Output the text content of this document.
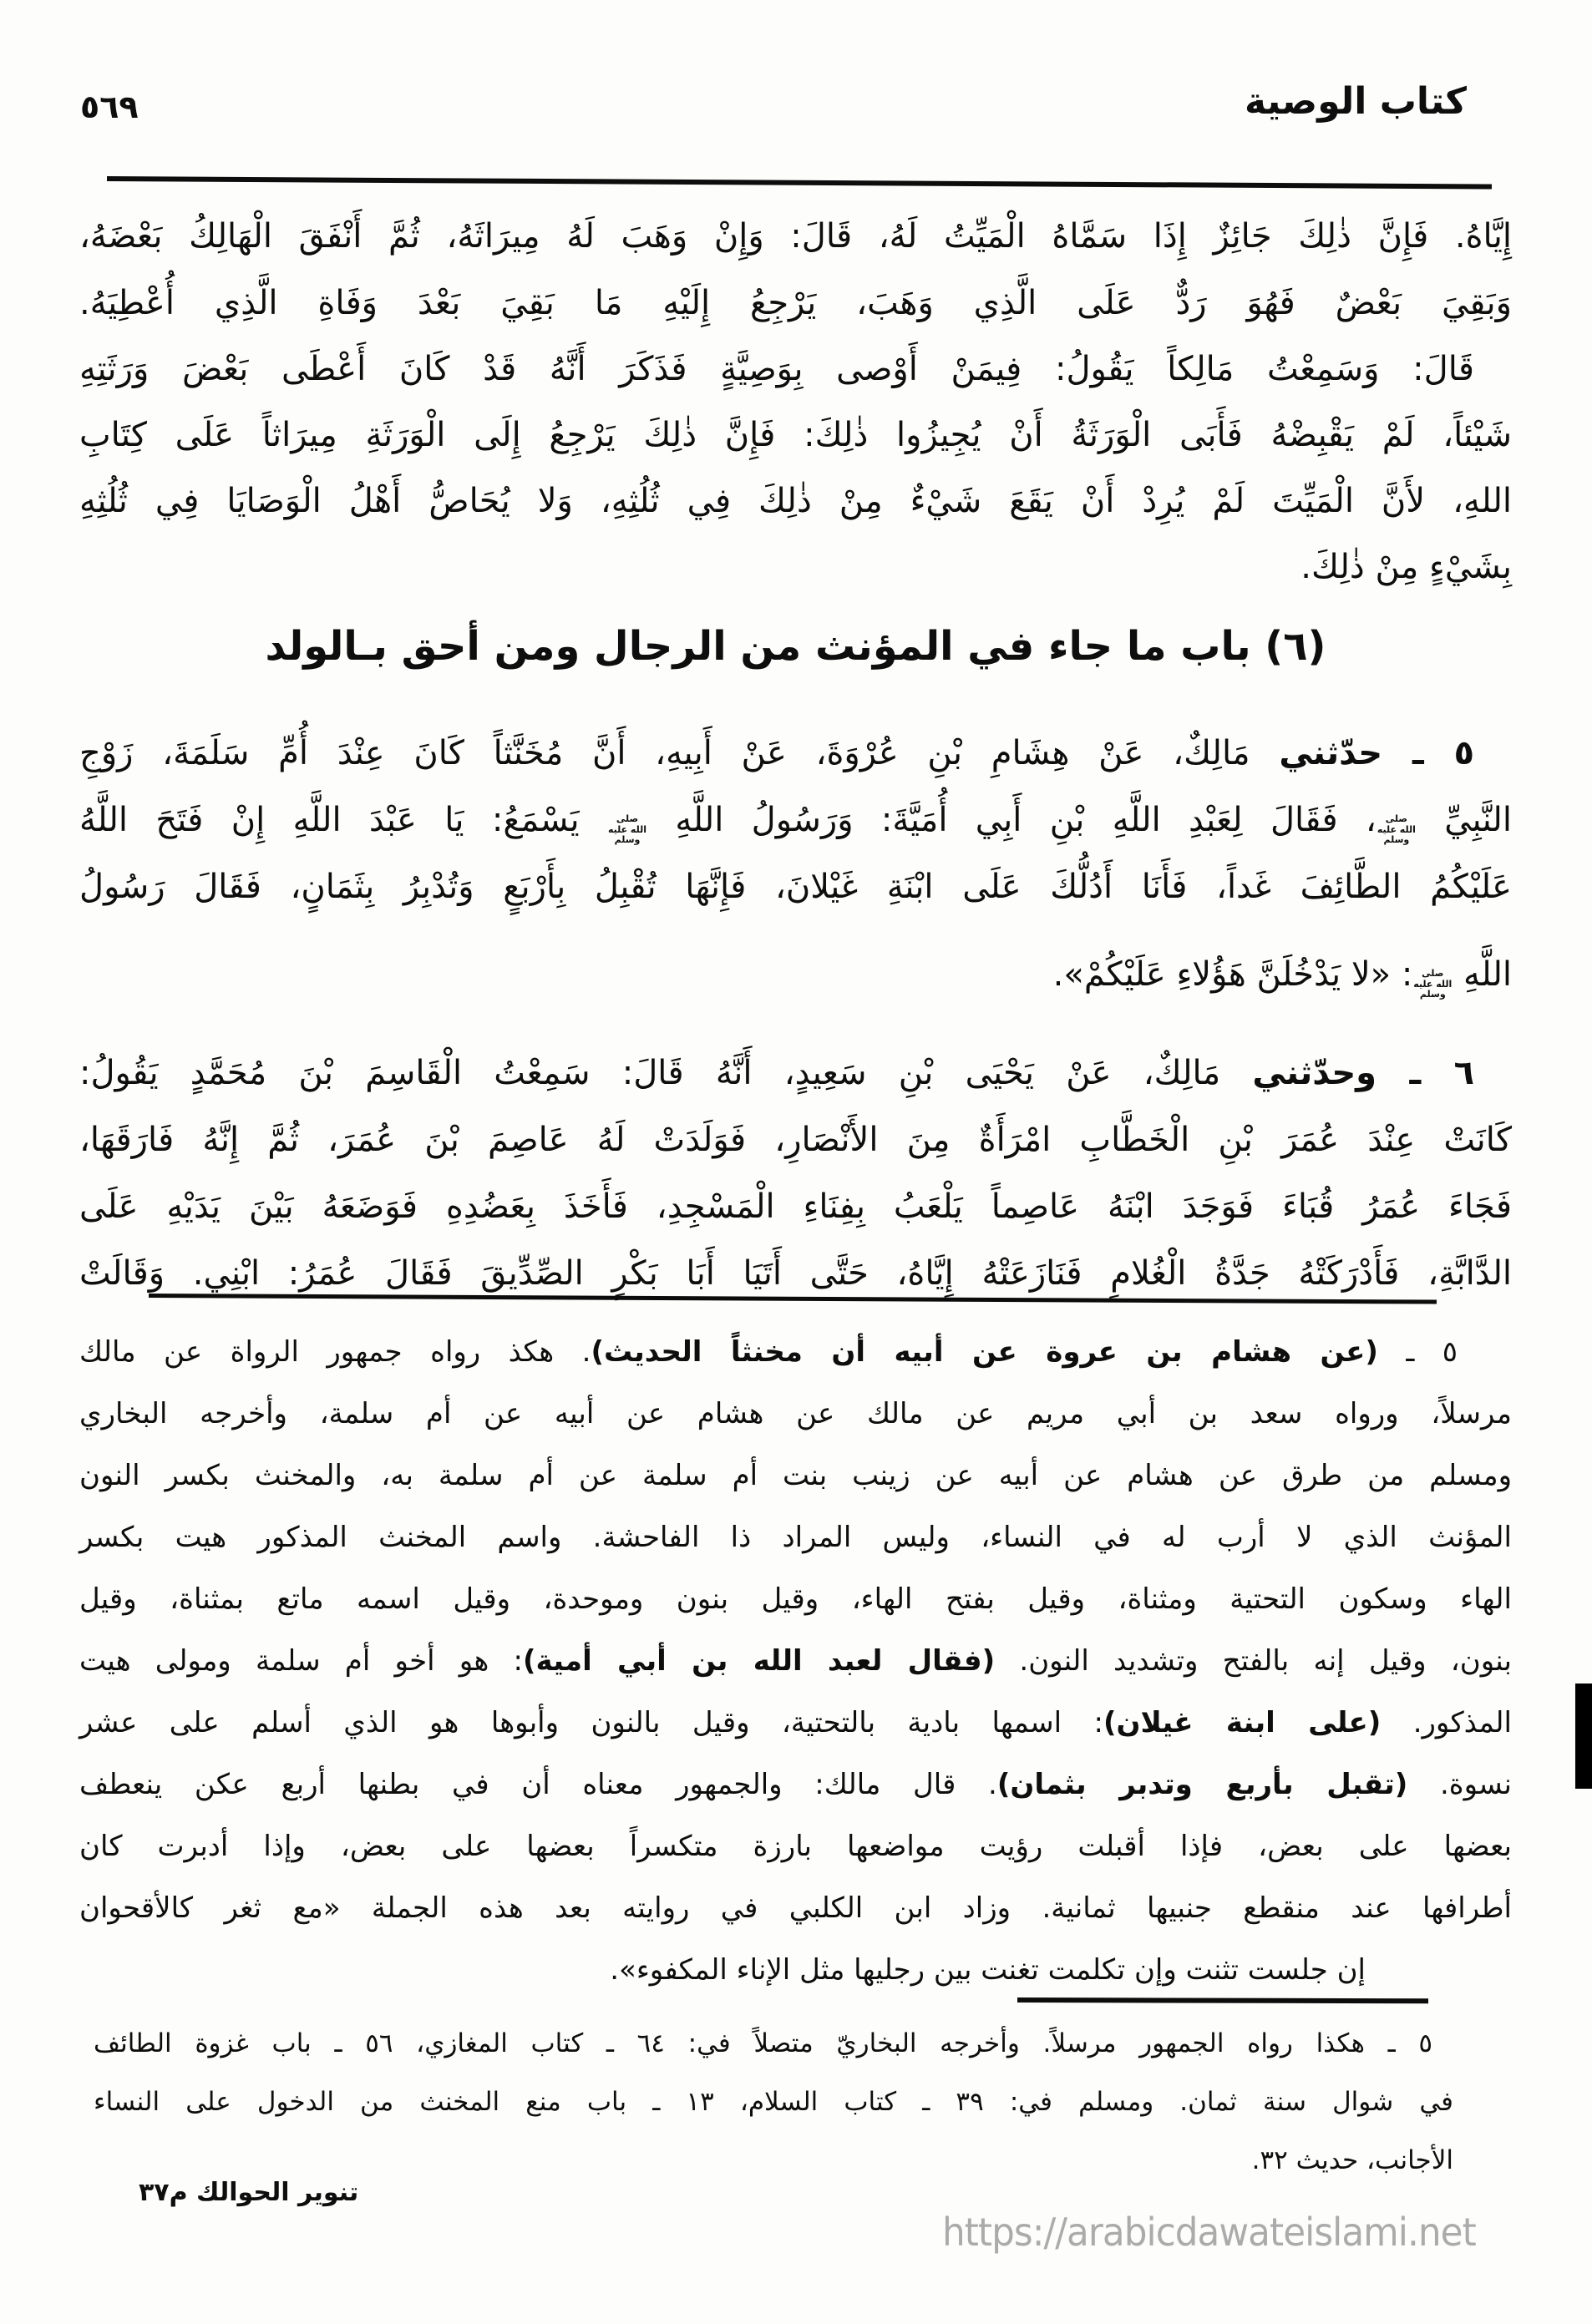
٥٦٩	كتاب الوصية
إِيَّاهُ. فَإِنَّ ذٰلِكَ جَائِزٌ إِذَا سَمَّاهُ الْمَيِّتُ لَهُ، قَالَ: وَإِنْ وَهَبَ لَهُ مِيرَاثَهُ، ثُمَّ أَنْفَقَ الْهَالِكُ بَعْضَهُ،
وَبَقِيَ بَعْضٌ فَهُوَ رَدٌّ عَلَى الَّذِي وَهَبَ، يَرْجِعُ إِلَيْهِ مَا بَقِيَ بَعْدَ وَفَاةِ الَّذِي أُعْطِيَهُ.
قَالَ: وَسَمِعْتُ مَالِكاً يَقُولُ: فِيمَنْ أَوْصى بِوَصِيَّةٍ فَذَكَرَ أَنَّهُ قَدْ كَانَ أَعْطَى بَعْضَ وَرَثَتِهِ
شَيْئاً، لَمْ يَقْبِضْهُ فَأَبَى الْوَرَثَةُ أَنْ يُجِيزُوا ذٰلِكَ: فَإِنَّ ذٰلِكَ يَرْجِعُ إِلَى الْوَرَثَةِ مِيرَاثاً عَلَى كِتَابِ
اللهِ، لأَنَّ الْمَيِّتَ لَمْ يُرِدْ أَنْ يَقَعَ شَيْءٌ مِنْ ذٰلِكَ فِي ثُلُثِهِ، وَلا يُحَاصُّ أَهْلُ الْوَصَايَا فِي ثُلُثِهِ
بِشَيْءٍ مِنْ ذٰلِكَ.
(٦) باب ما جاء في المؤنث من الرجال ومن أحق بـالولد
٥ ـ حدّثني مَالِكٌ، عَنْ هِشَامِ بْنِ عُرْوَةَ، عَنْ أَبِيهِ، أَنَّ مُخَنَّثاً كَانَ عِنْدَ أُمِّ سَلَمَةَ، زَوْجِ
النَّبِيِّ صلى الله عليه وسلم، فَقَالَ لِعَبْدِ اللَّهِ بْنِ أَبِي أُمَيَّةَ: وَرَسُولُ اللَّهِ صلى الله عليه وسلم يَسْمَعُ: يَا عَبْدَ اللَّهِ إِنْ فَتَحَ اللَّهُ
عَلَيْكُمُ الطَّائِفَ غَداً، فَأَنَا أَدُلُّكَ عَلَى ابْنَةِ غَيْلانَ، فَإِنَّهَا تُقْبِلُ بِأَرْبَعٍ وَتُدْبِرُ بِثَمَانٍ، فَقَالَ رَسُولُ
اللَّهِ صلى الله عليه وسلم: «لا يَدْخُلَنَّ هَؤُلاءِ عَلَيْكُمْ».
٦ ـ وحدّثني مَالِكٌ، عَنْ يَحْيَى بْنِ سَعِيدٍ، أَنَّهُ قَالَ: سَمِعْتُ الْقَاسِمَ بْنَ مُحَمَّدٍ يَقُولُ:
كَانَتْ عِنْدَ عُمَرَ بْنِ الْخَطَّابِ امْرَأَةٌ مِنَ الأَنْصَارِ، فَوَلَدَتْ لَهُ عَاصِمَ بْنَ عُمَرَ، ثُمَّ إِنَّهُ فَارَقَهَا،
فَجَاءَ عُمَرُ قُبَاءَ فَوَجَدَ ابْنَهُ عَاصِماً يَلْعَبُ بِفِنَاءِ الْمَسْجِدِ، فَأَخَذَ بِعَضُدِهِ فَوَضَعَهُ بَيْنَ يَدَيْهِ عَلَى
الدَّابَّةِ، فَأَدْرَكَتْهُ جَدَّةُ الْغُلامِ فَنَازَعَتْهُ إِيَّاهُ، حَتَّى أَتَيَا أَبَا بَكْرٍ الصِّدِّيقَ فَقَالَ عُمَرُ: ابْنِي. وَقَالَتْ
٥ ـ (عن هشام بن عروة عن أبيه أن مخنثاً الحديث). هكذ رواه جمهور الرواة عن مالك
مرسلاً، ورواه سعد بن أبي مريم عن مالك عن هشام عن أبيه عن أم سلمة، وأخرجه البخاري
ومسلم من طرق عن هشام عن أبيه عن زينب بنت أم سلمة عن أم سلمة به، والمخنث بكسر النون
المؤنث الذي لا أرب له في النساء، وليس المراد ذا الفاحشة. واسم المخنث المذكور هيت بكسر
الهاء وسكون التحتية ومثناة، وقيل بفتح الهاء، وقيل بنون وموحدة، وقيل اسمه ماتع بمثناة، وقيل
بنون، وقيل إنه بالفتح وتشديد النون. (فقال لعبد الله بن أبي أمية): هو أخو أم سلمة ومولى هيت
المذكور. (على ابنة غيلان): اسمها بادية بالتحتية، وقيل بالنون وأبوها هو الذي أسلم على عشر
نسوة. (تقبل بأربع وتدبر بثمان). قال مالك: والجمهور معناه أن في بطنها أربع عكن ينعطف
بعضها على بعض، فإذا أقبلت رؤيت مواضعها بارزة متكسراً بعضها على بعض، وإذا أدبرت كان
أطرافها عند منقطع جنبيها ثمانية. وزاد ابن الكلبي في روايته بعد هذه الجملة «مع ثغر كالأقحوان
إن جلست تثنت وإن تكلمت تغنت بين رجليها مثل الإناء المكفوء».
٥ ـ هكذا رواه الجمهور مرسلاً. وأخرجه البخاريّ متصلاً في: ٦٤ ـ كتاب المغازي، ٥٦ ـ باب غزوة الطائف
في شوال سنة ثمان. ومسلم في: ٣٩ ـ كتاب السلام، ١٣ ـ باب منع المخنث من الدخول على النساء
الأجانب، حديث ٣٢.
تنوير الحوالك م٣٧
https://arabicdawateislami.net
